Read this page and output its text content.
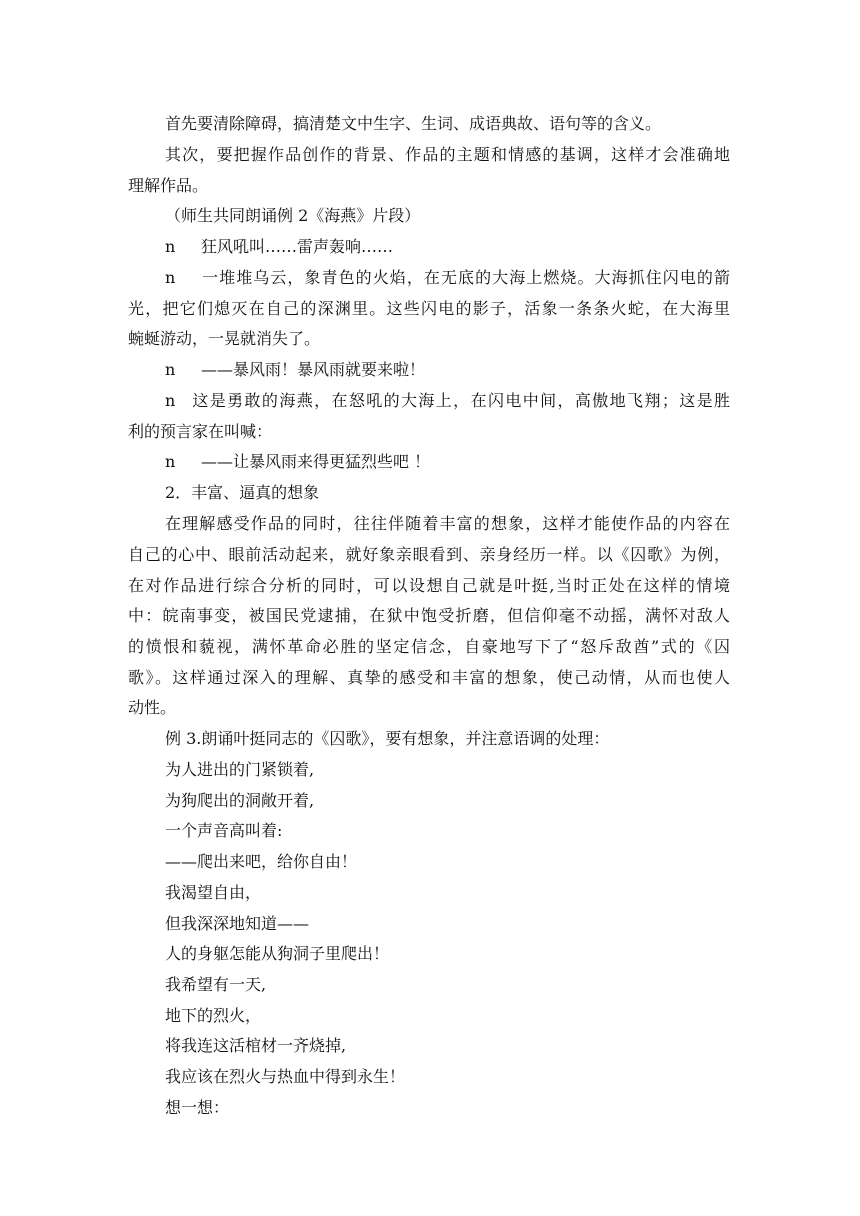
首先要清除障碍，搞清楚文中生字、生词、成语典故、语句等的含义。
其次，要把握作品创作的背景、作品的主题和情感的基调，这样才会准确地
理解作品。
（师生共同朗诵例 2《海燕》片段）
n 狂风吼叫……雷声轰响……
n 一堆堆乌云，象青色的火焰，在无底的大海上燃烧。大海抓住闪电的箭
光，把它们熄灭在自己的深渊里。这些闪电的影子，活象一条条火蛇，在大海里
蜿蜒游动，一晃就消失了。
n ——暴风雨！暴风雨就要来啦！
n 这是勇敢的海燕，在怒吼的大海上，在闪电中间，高傲地飞翔；这是胜
利的预言家在叫喊：
n ——让暴风雨来得更猛烈些吧 ！
2．丰富、逼真的想象
在理解感受作品的同时，往往伴随着丰富的想象，这样才能使作品的内容在
自己的心中、眼前活动起来，就好象亲眼看到、亲身经历一样。以《囚歌》为例，
在对作品进行综合分析的同时，可以设想自己就是叶挺,当时正处在这样的情境
中：皖南事变，被国民党逮捕，在狱中饱受折磨，但信仰毫不动摇，满怀对敌人
的愤恨和藐视，满怀革命必胜的坚定信念，自豪地写下了“怒斥敌酋”式的《囚
歌》。这样通过深入的理解、真挚的感受和丰富的想象，使己动情，从而也使人
动性。
例 3.朗诵叶挺同志的《囚歌》，要有想象，并注意语调的处理：
为人进出的门紧锁着,
为狗爬出的洞敞开着,
一个声音高叫着:
——爬出来吧，给你自由！
我渴望自由，
但我深深地知道——
人的身躯怎能从狗洞子里爬出！
我希望有一天,
地下的烈火，
将我连这活棺材一齐烧掉,
我应该在烈火与热血中得到永生！
想一想：
